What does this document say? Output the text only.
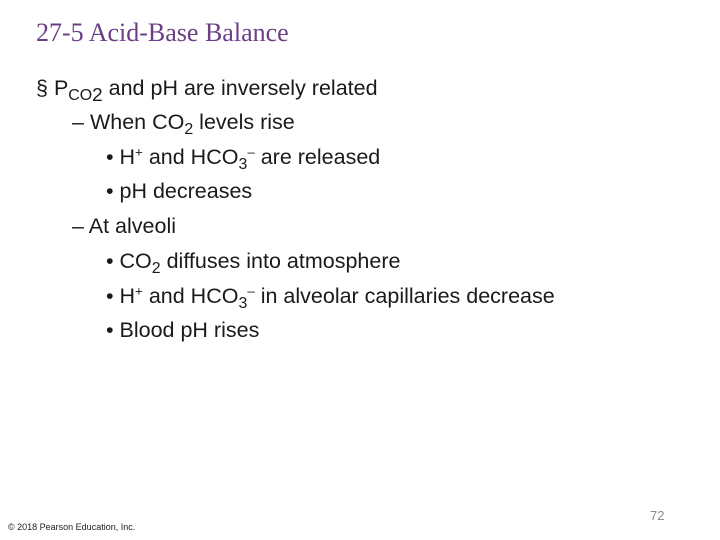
27-5 Acid-Base Balance
§ $P_{CO}2$ and pH are inversely related
– When $CO_2$ levels rise
• H+ and $HCO_3^-$ are released
• pH decreases
– At alveoli
• $CO_2$ diffuses into atmosphere
• H+ and $HCO_3^-$ in alveolar capillaries decrease
• Blood pH rises
© 2018 Pearson Education, Inc.
72
